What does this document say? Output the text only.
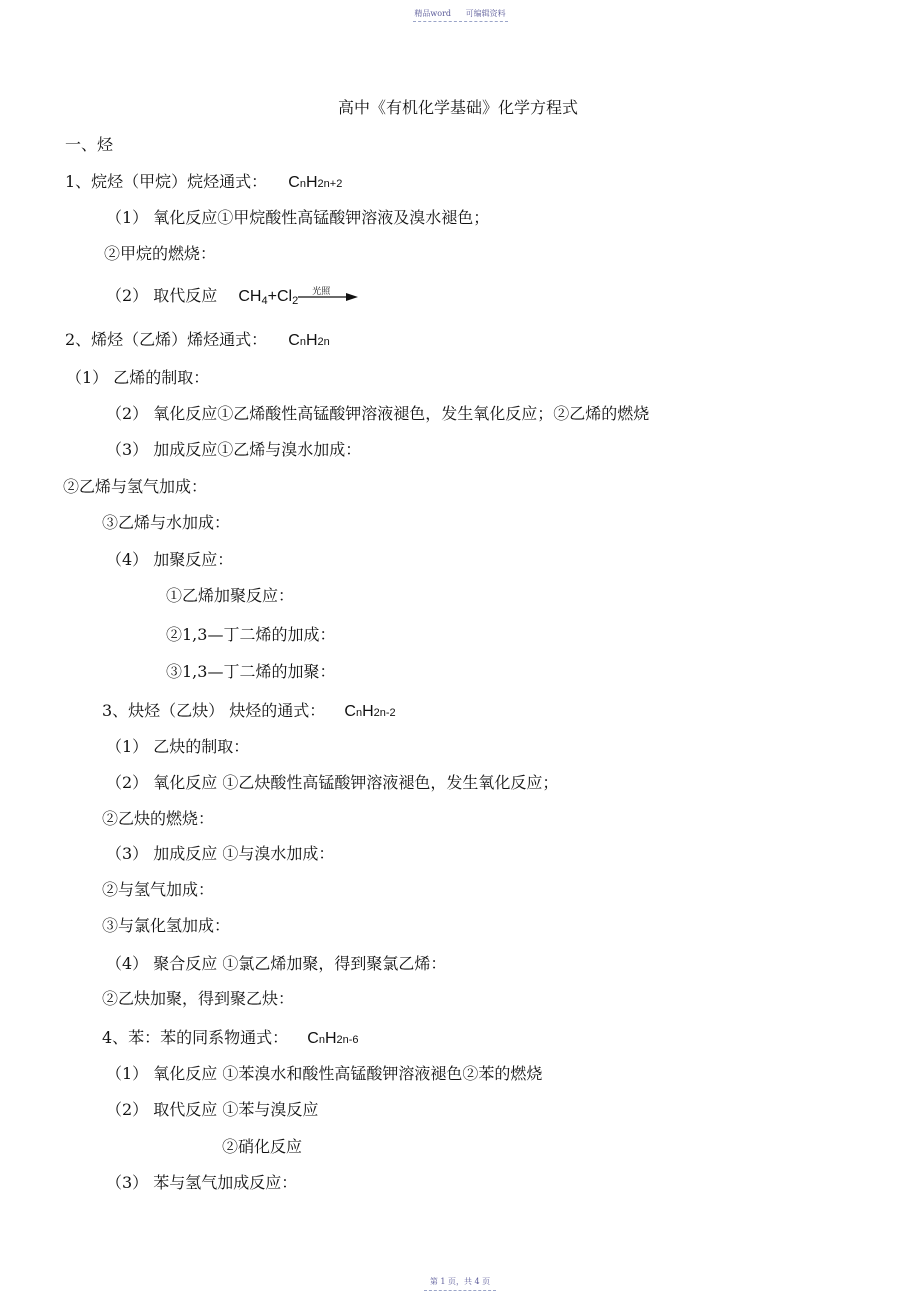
精品word 可编辑资料
高中《有机化学基础》化学方程式
一、烃
1、烷烃（甲烷）烷烃通式： CnH2n+2
（1） 氧化反应①甲烷酸性高锰酸钾溶液及溴水褪色；
②甲烷的燃烧：
（2） 取代反应 $CH_4+Cl_2$
光照
2、烯烃（乙烯）烯烃通式： CnH2n
（1） 乙烯的制取：
（2） 氧化反应①乙烯酸性高锰酸钾溶液褪色，发生氧化反应；②乙烯的燃烧
（3） 加成反应①乙烯与溴水加成：
②乙烯与氢气加成：
③乙烯与水加成：
（4） 加聚反应：
①乙烯加聚反应：
②1,3—丁二烯的加成：
③1,3—丁二烯的加聚：
3、炔烃（乙炔） 炔烃的通式： CnH2n-2
（1） 乙炔的制取：
（2） 氧化反应 ①乙炔酸性高锰酸钾溶液褪色，发生氧化反应；
②乙炔的燃烧：
（3） 加成反应 ①与溴水加成：
②与氢气加成：
③与氯化氢加成：
（4） 聚合反应 ①氯乙烯加聚，得到聚氯乙烯：
②乙炔加聚，得到聚乙炔：
4、苯：苯的同系物通式： CnH2n-6
（1） 氧化反应 ①苯溴水和酸性高锰酸钾溶液褪色②苯的燃烧
（2） 取代反应 ①苯与溴反应
②硝化反应
（3） 苯与氢气加成反应：
第 1 页，共 4 页
